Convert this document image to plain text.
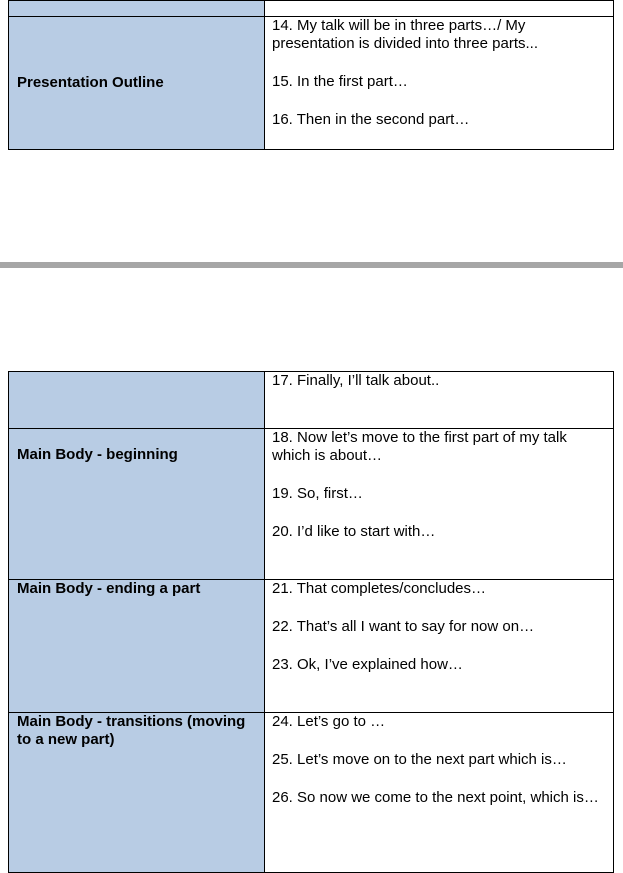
Presentation Outline	14. My talk will be in three parts…/ My presentation is divided into three parts...

15. In the first part…

16. Then in the second part…

	17. Finally, I’ll talk about..

Main Body - beginning	18. Now let’s move to the first part of my talk which is about…

19. So, first…

20. I’d like to start with…

Main Body - ending a part	21. That completes/concludes…

22. That’s all I want to say for now on…

23. Ok, I’ve explained how…

Main Body - transitions (moving to a new part)	24. Let’s go to …

25. Let’s move on to the next part which is…

26. So now we come to the next point, which is…
